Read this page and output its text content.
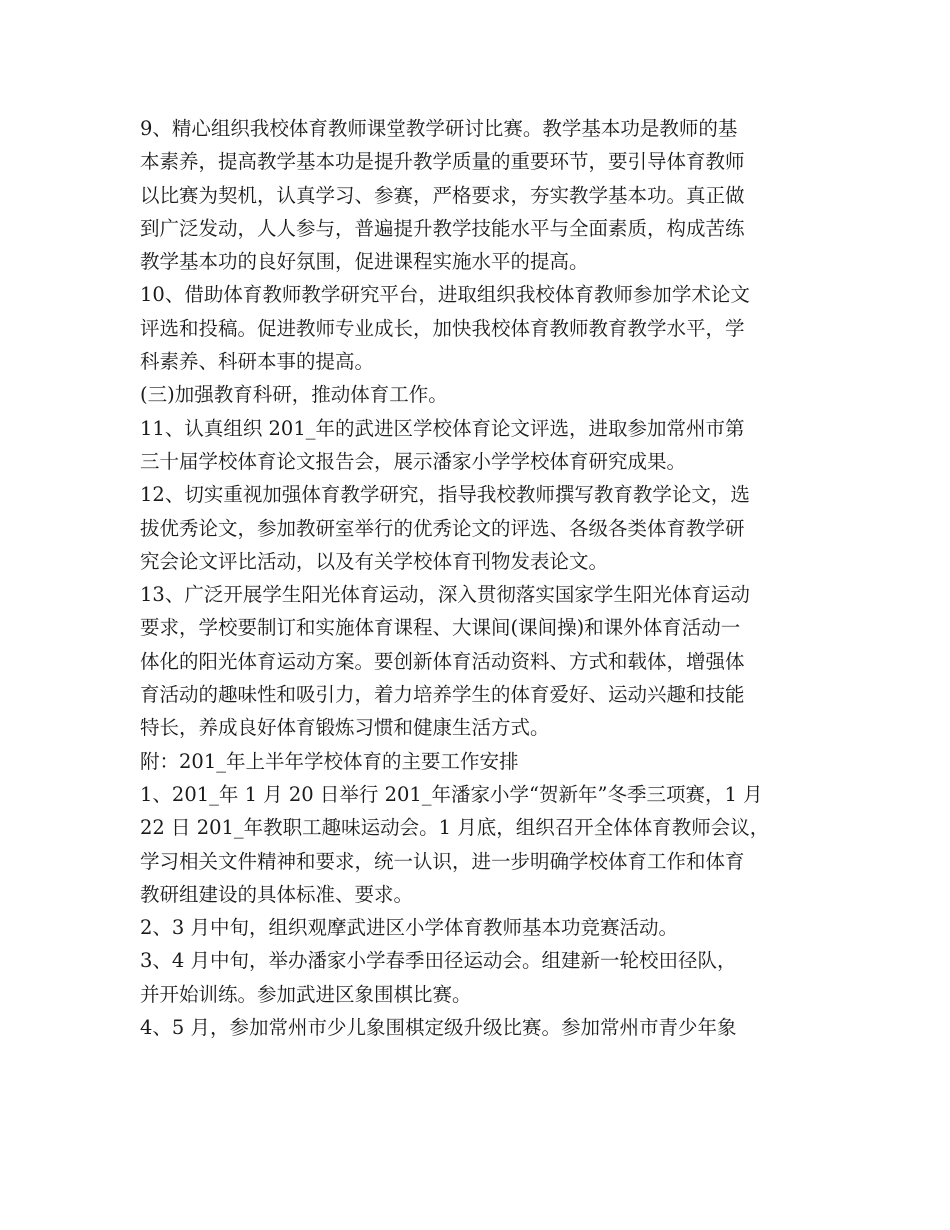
9、精心组织我校体育教师课堂教学研讨比赛。教学基本功是教师的基
本素养，提高教学基本功是提升教学质量的重要环节，要引导体育教师
以比赛为契机，认真学习、参赛，严格要求，夯实教学基本功。真正做
到广泛发动，人人参与，普遍提升教学技能水平与全面素质，构成苦练
教学基本功的良好氛围，促进课程实施水平的提高。
10、借助体育教师教学研究平台，进取组织我校体育教师参加学术论文
评选和投稿。促进教师专业成长，加快我校体育教师教育教学水平，学
科素养、科研本事的提高。
(三)加强教育科研，推动体育工作。
11、认真组织 201_年的武进区学校体育论文评选，进取参加常州市第
三十届学校体育论文报告会，展示潘家小学学校体育研究成果。
12、切实重视加强体育教学研究，指导我校教师撰写教育教学论文，选
拔优秀论文，参加教研室举行的优秀论文的评选、各级各类体育教学研
究会论文评比活动，以及有关学校体育刊物发表论文。
13、广泛开展学生阳光体育运动，深入贯彻落实国家学生阳光体育运动
要求，学校要制订和实施体育课程、大课间(课间操)和课外体育活动一
体化的阳光体育运动方案。要创新体育活动资料、方式和载体，增强体
育活动的趣味性和吸引力，着力培养学生的体育爱好、运动兴趣和技能
特长，养成良好体育锻炼习惯和健康生活方式。
附：201_年上半年学校体育的主要工作安排
1、201_年 1 月 20 日举行 201_年潘家小学“贺新年”冬季三项赛，1 月
22 日 201_年教职工趣味运动会。1 月底，组织召开全体体育教师会议，
学习相关文件精神和要求，统一认识，进一步明确学校体育工作和体育
教研组建设的具体标准、要求。
2、3 月中旬，组织观摩武进区小学体育教师基本功竞赛活动。
3、4 月中旬，举办潘家小学春季田径运动会。组建新一轮校田径队，
并开始训练。参加武进区象围棋比赛。
4、5 月，参加常州市少儿象围棋定级升级比赛。参加常州市青少年象
